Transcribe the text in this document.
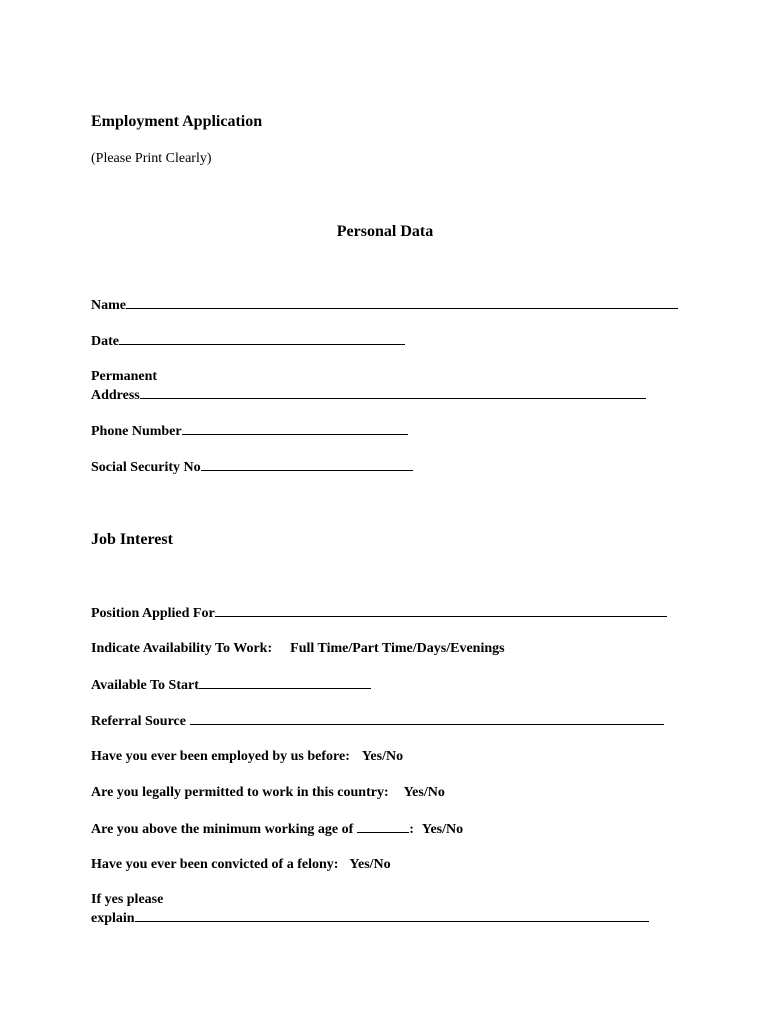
Employment Application
(Please Print Clearly)
Personal Data
Name
Date
Permanent
Address
Phone Number
Social Security No
Job Interest
Position Applied For
Indicate Availability To Work: Full Time/Part Time/Days/Evenings
Available To Start
Referral Source
Have you ever been employed by us before: Yes/No
Are you legally permitted to work in this country: Yes/No
Are you above the minimum working age of	: Yes/No
Have you ever been convicted of a felony: Yes/No
If yes please
explain
